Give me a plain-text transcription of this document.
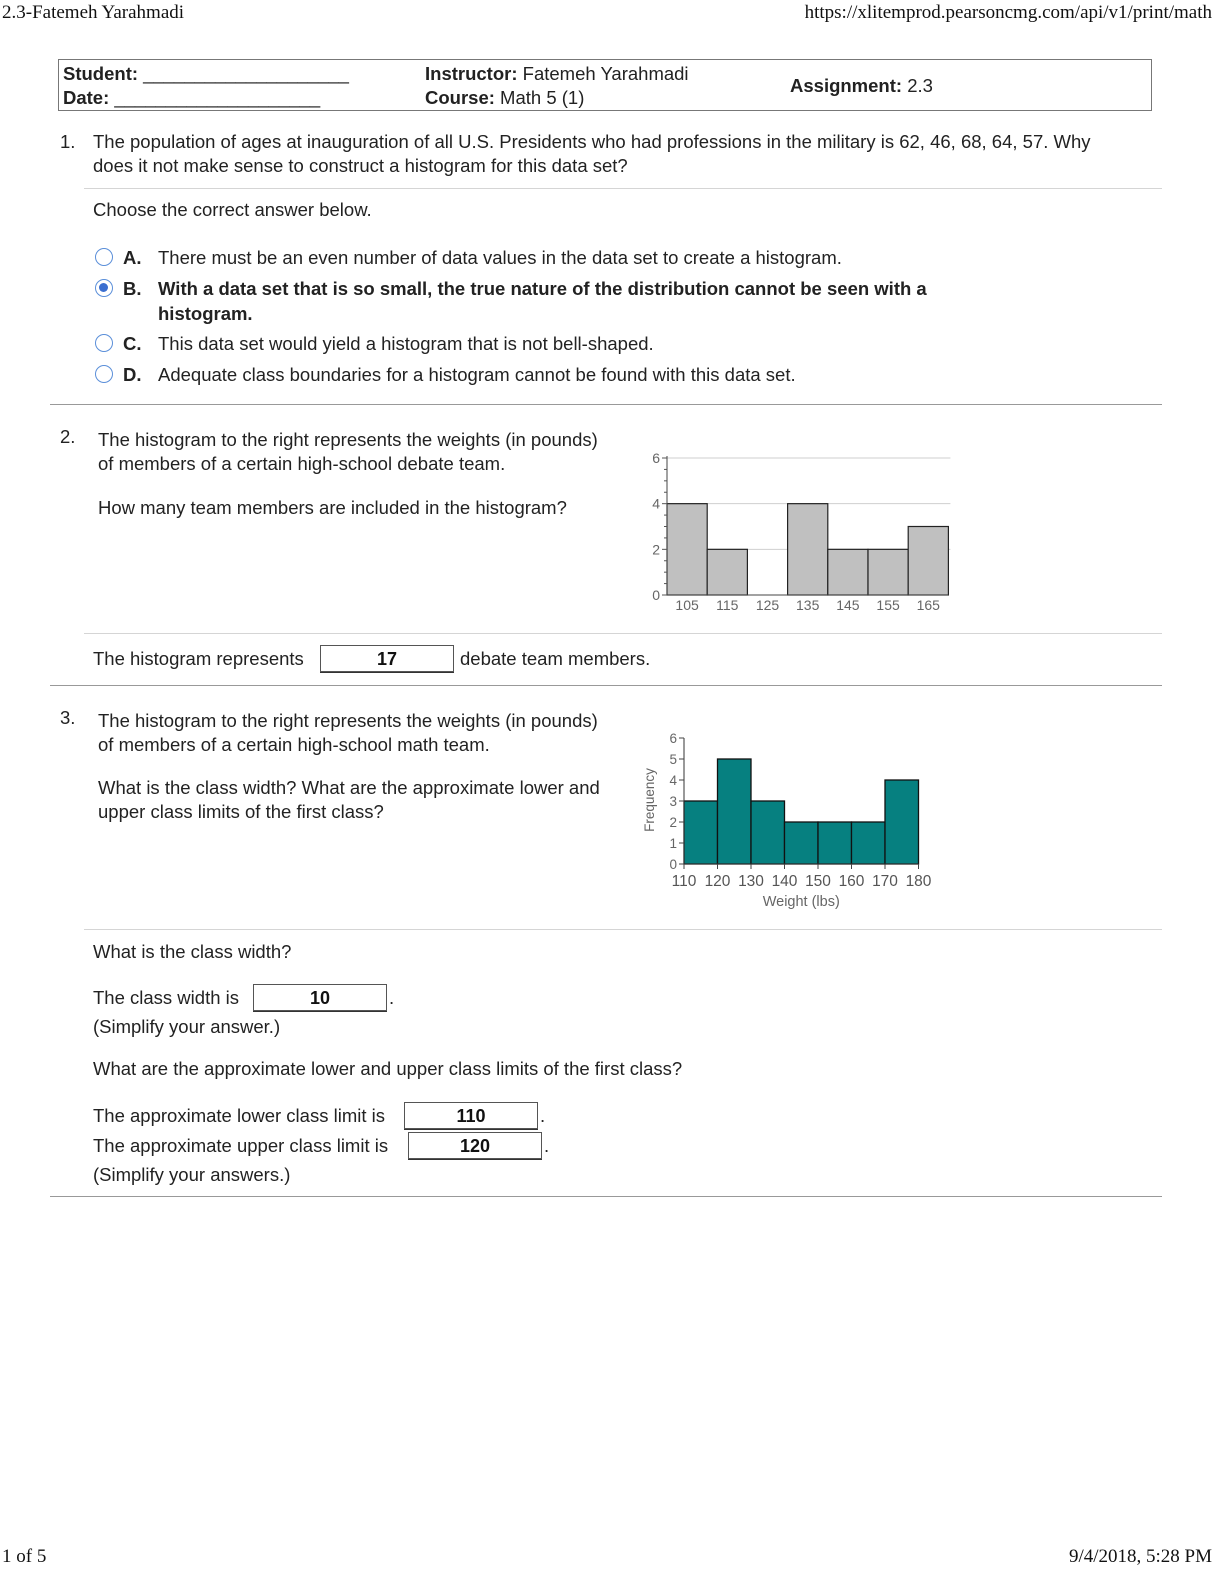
2.3-Fatemeh Yarahmadi	https://xlitemprod.pearsoncmg.com/api/v1/print/math
Student: ____________________
Date: ____________________
Instructor: Fatemeh Yarahmadi
Course: Math 5 (1)
Assignment: 2.3
1. The population of ages at inauguration of all U.S. Presidents who had professions in the military is 62, 46, 68, 64, 57. Why
does it not make sense to construct a histogram for this data set?
Choose the correct answer below.
A. There must be an even number of data values in the data set to create a histogram.
B. With a data set that is so small, the true nature of the distribution cannot be seen with a
histogram.
C. This data set would yield a histogram that is not bell-shaped.
D. Adequate class boundaries for a histogram cannot be found with this data set.
2. The histogram to the right represents the weights (in pounds)
of members of a certain high-school debate team.
How many team members are included in the histogram?
0
2
4
6
105 115 125 135 145 155 165
The histogram represents	17	debate team members.
3. The histogram to the right represents the weights (in pounds)
of members of a certain high-school math team.
What is the class width? What are the approximate lower and
upper class limits of the first class?
0
1
2
3
4
5
6
110 120 130 140 150 160 170 180
Weight (lbs)
Frequency
What is the class width?
The class width is	10	.
(Simplify your answer.)
What are the approximate lower and upper class limits of the first class?
The approximate lower class limit is	110	.
The approximate upper class limit is	120	.
(Simplify your answers.)
1 of 5	9/4/2018, 5:28 PM
